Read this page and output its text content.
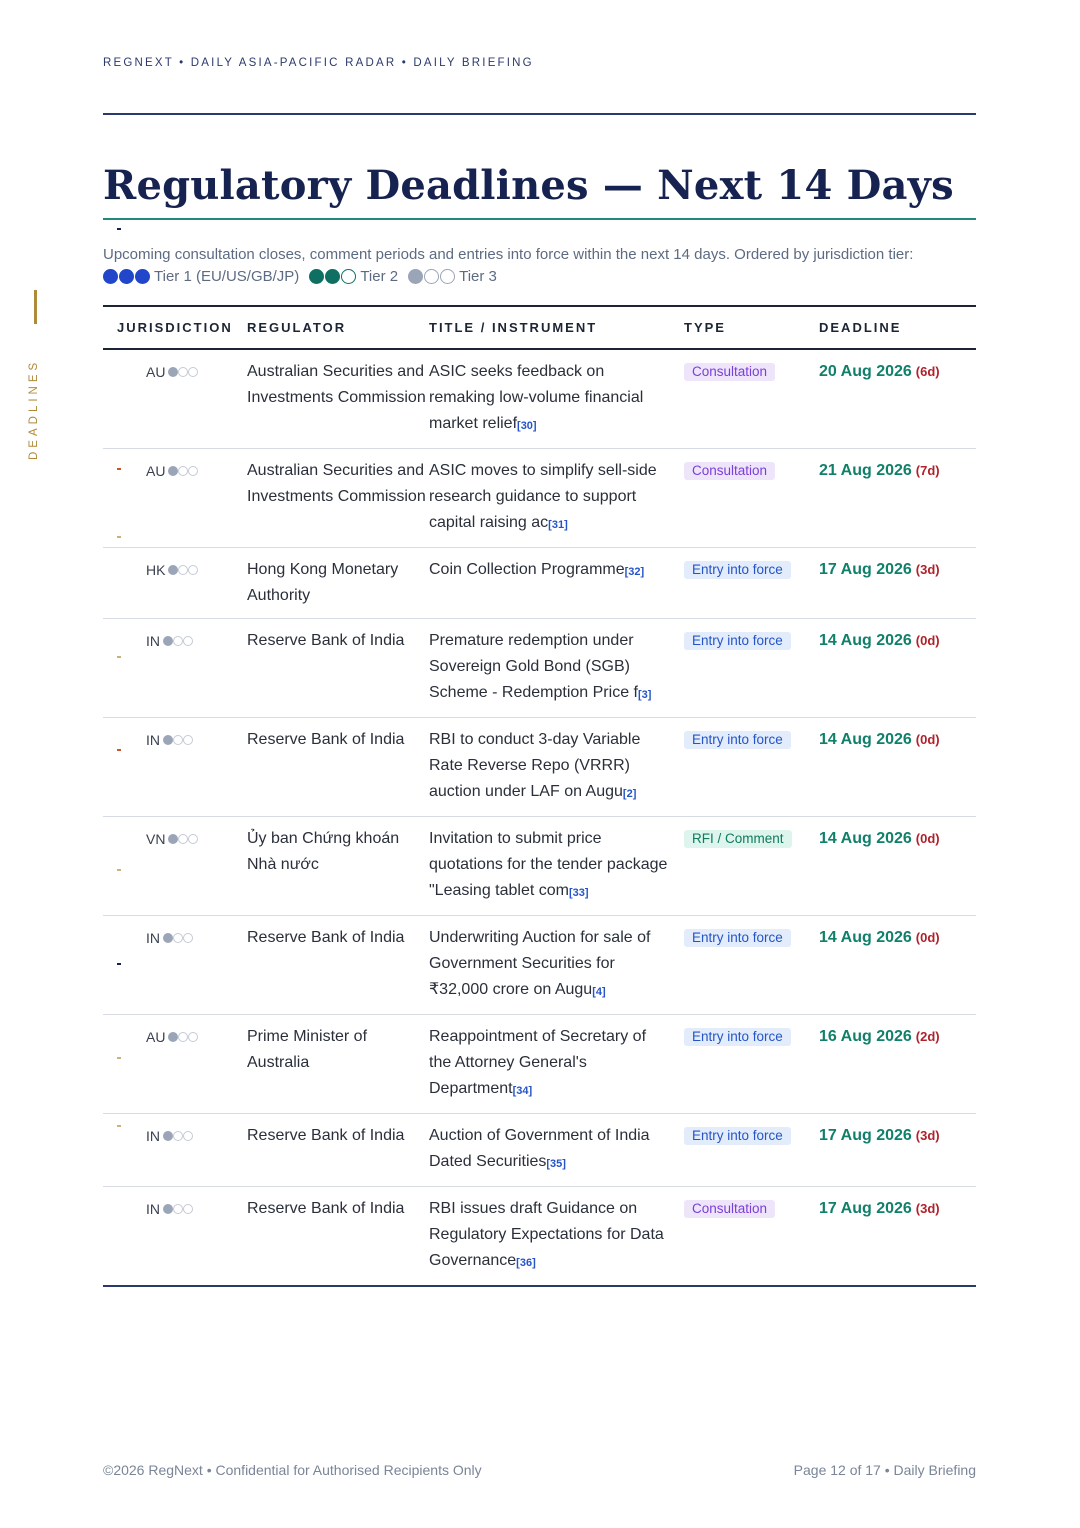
REGNEXT • DAILY ASIA-PACIFIC RADAR • DAILY BRIEFING
Regulatory Deadlines — Next 14 Days
Upcoming consultation closes, comment periods and entries into force within the next 14 days. Ordered by jurisdiction tier:
Tier 1 (EU/US/GB/JP)	Tier 2	Tier 3
DEADLINES
JURISDICTION	REGULATOR	TITLE / INSTRUMENT	TYPE	DEADLINE

AU	Australian Securities and Investments Commission	ASIC seeks feedback on remaking low-volume financial market relief[30]	Consultation	20 Aug 2026 (6d)

AU	Australian Securities and Investments Commission	ASIC moves to simplify sell-side research guidance to support capital raising ac[31]	Consultation	21 Aug 2026 (7d)

HK	Hong Kong Monetary Authority	Coin Collection Programme[32]	Entry into force	17 Aug 2026 (3d)

IN	Reserve Bank of India	Premature redemption under Sovereign Gold Bond (SGB) Scheme - Redemption Price f[3]	Entry into force	14 Aug 2026 (0d)

IN	Reserve Bank of India	RBI to conduct 3-day Variable Rate Reverse Repo (VRRR) auction under LAF on Augu[2]	Entry into force	14 Aug 2026 (0d)

VN	Ủy ban Chứng khoán Nhà nước	Invitation to submit price quotations for the tender package "Leasing tablet com[33]	RFI / Comment	14 Aug 2026 (0d)

IN	Reserve Bank of India	Underwriting Auction for sale of Government Securities for ₹32,000 crore on Augu[4]	Entry into force	14 Aug 2026 (0d)

AU	Prime Minister of Australia	Reappointment of Secretary of the Attorney General's Department[34]	Entry into force	16 Aug 2026 (2d)

IN	Reserve Bank of India	Auction of Government of India Dated Securities[35]	Entry into force	17 Aug 2026 (3d)

IN	Reserve Bank of India	RBI issues draft Guidance on Regulatory Expectations for Data Governance[36]	Consultation	17 Aug 2026 (3d)
©2026 RegNext • Confidential for Authorised Recipients Only	Page 12 of 17 • Daily Briefing
